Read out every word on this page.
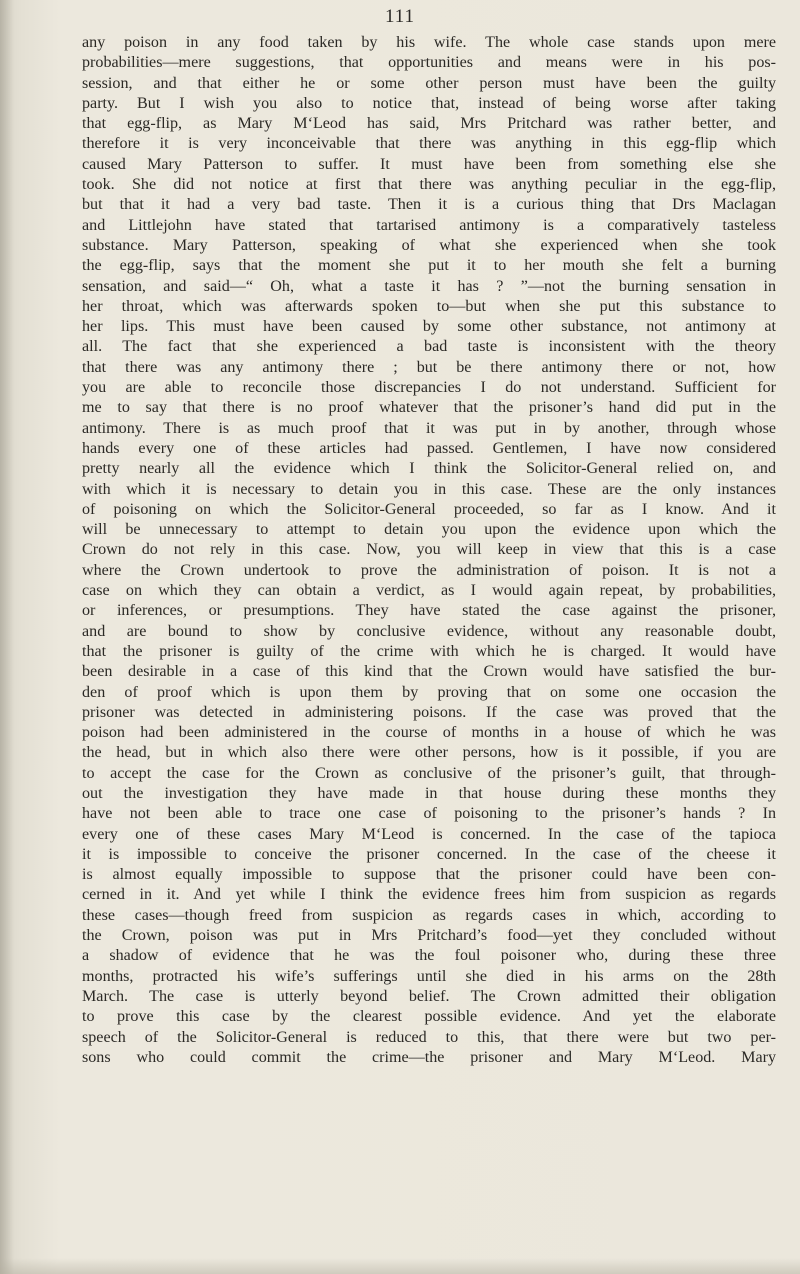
111
any poison in any food taken by his wife. The whole case stands upon mere
probabilities—mere suggestions, that opportunities and means were in his pos-
session, and that either he or some other person must have been the guilty
party. But I wish you also to notice that, instead of being worse after taking
that egg-flip, as Mary M‘Leod has said, Mrs Pritchard was rather better, and
therefore it is very inconceivable that there was anything in this egg-flip which
caused Mary Patterson to suffer. It must have been from something else she
took. She did not notice at first that there was anything peculiar in the egg-flip,
but that it had a very bad taste. Then it is a curious thing that Drs Maclagan
and Littlejohn have stated that tartarised antimony is a comparatively tasteless
substance. Mary Patterson, speaking of what she experienced when she took
the egg-flip, says that the moment she put it to her mouth she felt a burning
sensation, and said—“ Oh, what a taste it has ? ”—not the burning sensation in
her throat, which was afterwards spoken to—but when she put this substance to
her lips. This must have been caused by some other substance, not antimony at
all. The fact that she experienced a bad taste is inconsistent with the theory
that there was any antimony there ; but be there antimony there or not, how
you are able to reconcile those discrepancies I do not understand. Sufficient for
me to say that there is no proof whatever that the prisoner’s hand did put in the
antimony. There is as much proof that it was put in by another, through whose
hands every one of these articles had passed. Gentlemen, I have now considered
pretty nearly all the evidence which I think the Solicitor-General relied on, and
with which it is necessary to detain you in this case. These are the only instances
of poisoning on which the Solicitor-General proceeded, so far as I know. And it
will be unnecessary to attempt to detain you upon the evidence upon which the
Crown do not rely in this case. Now, you will keep in view that this is a case
where the Crown undertook to prove the administration of poison. It is not a
case on which they can obtain a verdict, as I would again repeat, by probabilities,
or inferences, or presumptions. They have stated the case against the prisoner,
and are bound to show by conclusive evidence, without any reasonable doubt,
that the prisoner is guilty of the crime with which he is charged. It would have
been desirable in a case of this kind that the Crown would have satisfied the bur-
den of proof which is upon them by proving that on some one occasion the
prisoner was detected in administering poisons. If the case was proved that the
poison had been administered in the course of months in a house of which he was
the head, but in which also there were other persons, how is it possible, if you are
to accept the case for the Crown as conclusive of the prisoner’s guilt, that through-
out the investigation they have made in that house during these months they
have not been able to trace one case of poisoning to the prisoner’s hands ? In
every one of these cases Mary M‘Leod is concerned. In the case of the tapioca
it is impossible to conceive the prisoner concerned. In the case of the cheese it
is almost equally impossible to suppose that the prisoner could have been con-
cerned in it. And yet while I think the evidence frees him from suspicion as regards
these cases—though freed from suspicion as regards cases in which, according to
the Crown, poison was put in Mrs Pritchard’s food—yet they concluded without
a shadow of evidence that he was the foul poisoner who, during these three
months, protracted his wife’s sufferings until she died in his arms on the 28th
March. The case is utterly beyond belief. The Crown admitted their obligation
to prove this case by the clearest possible evidence. And yet the elaborate
speech of the Solicitor-General is reduced to this, that there were but two per-
sons who could commit the crime—the prisoner and Mary M‘Leod. Mary
